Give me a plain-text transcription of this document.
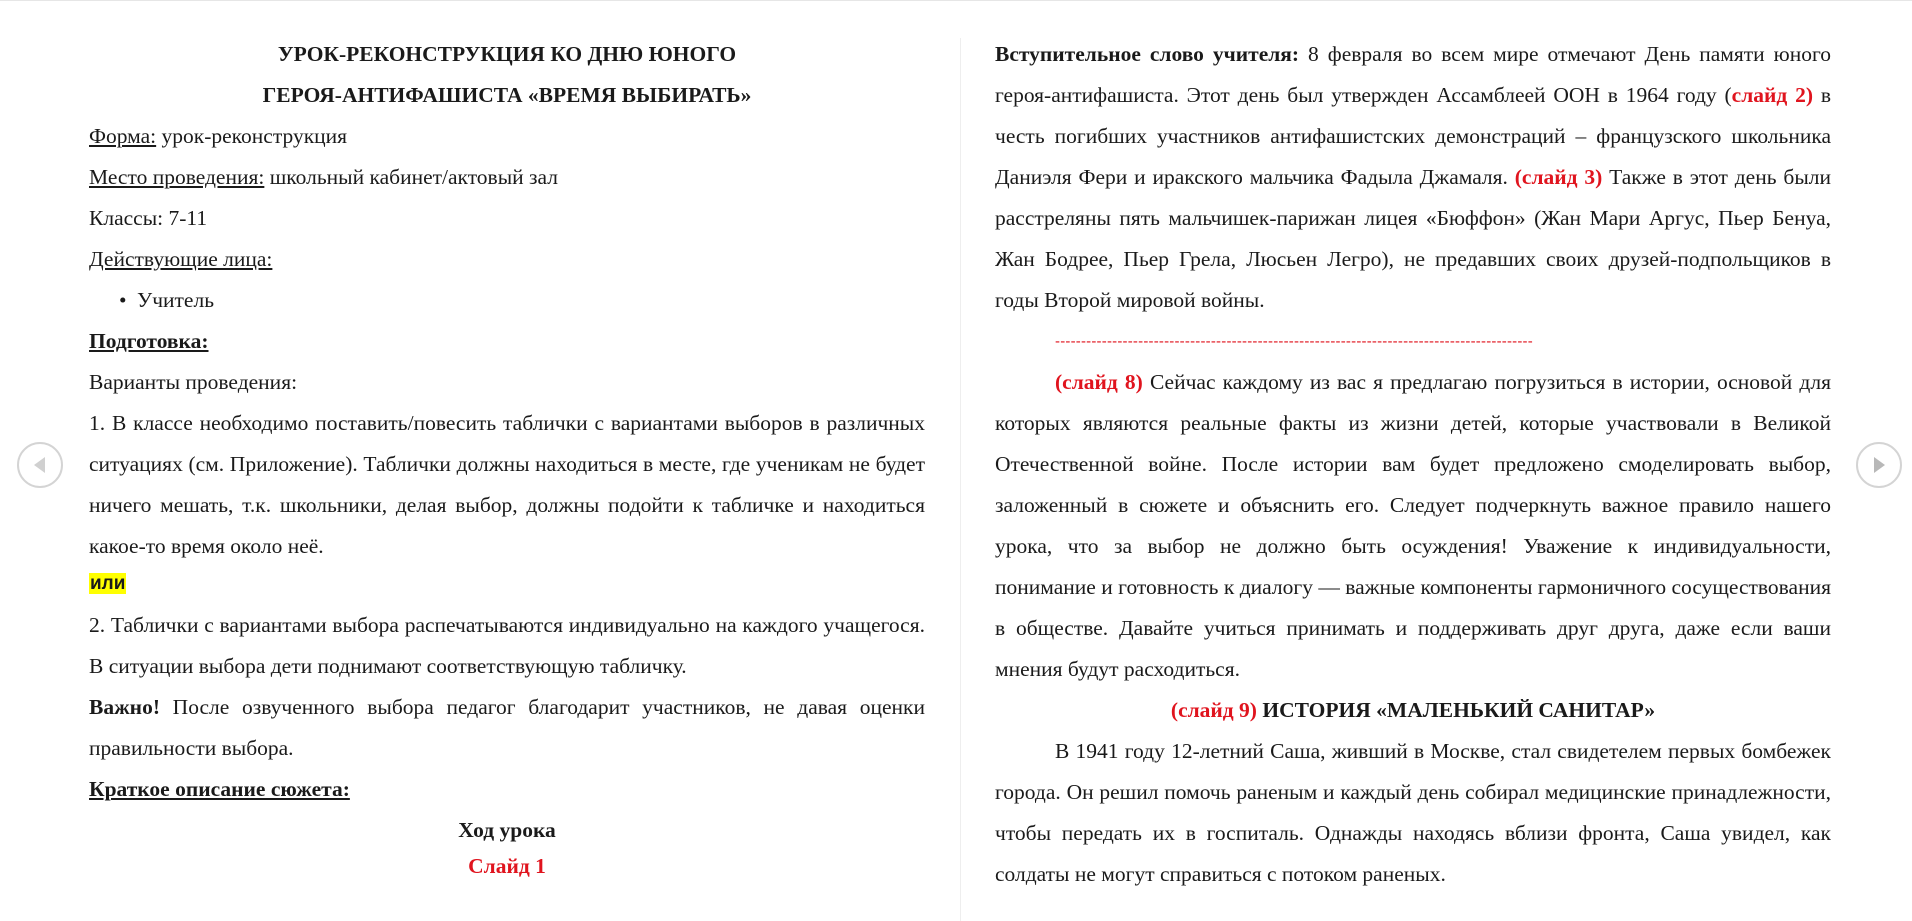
УРОК-РЕКОНСТРУКЦИЯ КО ДНЮ ЮНОГО

ГЕРОЯ-АНТИФАШИСТА «ВРЕМЯ ВЫБИРАТЬ»

Форма: урок-реконструкция

Место проведения: школьный кабинет/актовый зал

Классы: 7-11

Действующие лица:

• Учитель

Подготовка:

Варианты проведения:

1. В классе необходимо поставить/повесить таблички с вариантами выборов в различных ситуациях (см. Приложение). Таблички должны находиться в месте, где ученикам не будет ничего мешать, т.к. школьники, делая выбор, должны подойти к табличке и находиться какое-то время около неё.

или

2. Таблички с вариантами выбора распечатываются индивидуально на каждого учащегося. В ситуации выбора дети поднимают соответствующую табличку.

Важно! После озвученного выбора педагог благодарит участников, не давая оценки правильности выбора.

Краткое описание сюжета:

Ход урока

Слайд 1

Вступительное слово учителя: 8 февраля во всем мире отмечают День памяти юного героя-антифашиста. Этот день был утвержден Ассамблеей ООН в 1964 году (слайд 2) в честь погибших участников антифашистских демонстраций – французского школьника Даниэля Фери и иракского мальчика Фадыла Джамаля. (слайд 3) Также в этот день были расстреляны пять мальчишек-парижан лицея «Бюффон» (Жан Мари Аргус, Пьер Бенуа, Жан Бодрее, Пьер Грела, Люсьен Легро), не предавших своих друзей-подпольщиков в годы Второй мировой войны.

--------------------------------------------------------------------------------------------

(слайд 8) Сейчас каждому из вас я предлагаю погрузиться в истории, основой для которых являются реальные факты из жизни детей, которые участвовали в Великой Отечественной войне. После истории вам будет предложено смоделировать выбор, заложенный в сюжете и объяснить его. Следует подчеркнуть важное правило нашего урока, что за выбор не должно быть осуждения! Уважение к индивидуальности, понимание и готовность к диалогу — важные компоненты гармоничного сосуществования в обществе. Давайте учиться принимать и поддерживать друг друга, даже если ваши мнения будут расходиться.

(слайд 9) ИСТОРИЯ «МАЛЕНЬКИЙ САНИТАР»

В 1941 году 12-летний Саша, живший в Москве, стал свидетелем первых бомбежек города. Он решил помочь раненым и каждый день собирал медицинские принадлежности, чтобы передать их в госпиталь. Однажды находясь вблизи фронта, Саша увидел, как солдаты не могут справиться с потоком раненых.
